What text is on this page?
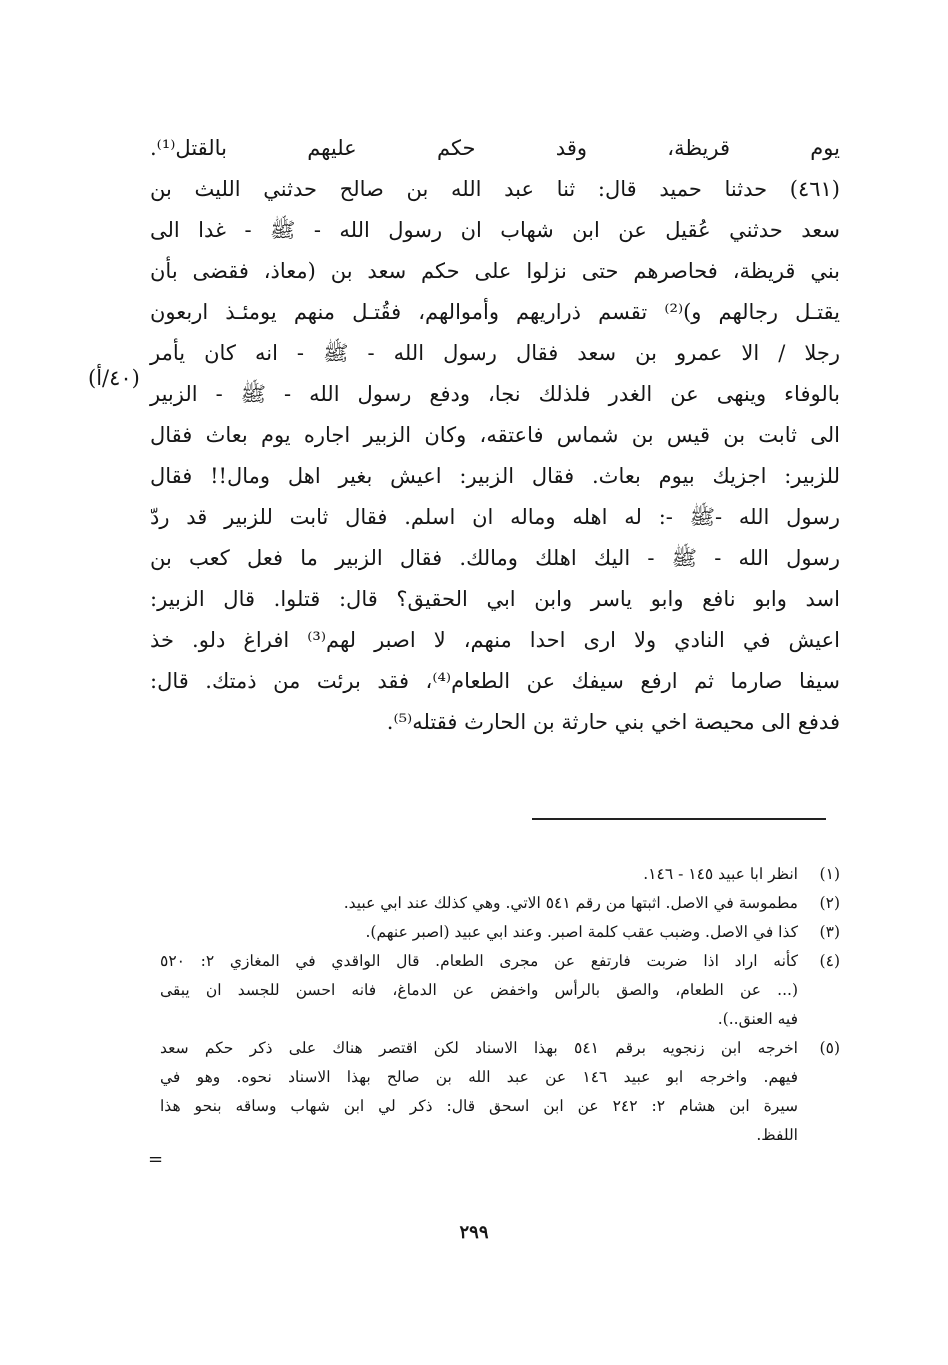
يوم قريظة، وقد حكم عليهم بالقتل⁽¹⁾.
(٤٦١) حدثنا حميد قال: ثنا عبد الله بن صالح حدثني الليث بن
سعد حدثني عُقيل عن ابن شهاب ان رسول الله - ﷺ - غدا الى
بني قريظة، فحاصرهم حتى نزلوا على حكم سعد بن (معاذ، فقضى بأن
يقتـل رجالهم و)⁽²⁾ تقسم ذراريهم وأموالهم، فقُتـل منهم يومئـذ اربعون
رجلا / الا عمرو بن سعد فقال رسول الله - ﷺ - انه كان يأمر
بالوفاء وينهى عن الغدر فلذلك نجا، ودفع رسول الله - ﷺ - الزبير
الى ثابت بن قيس بن شماس فاعتقه، وكان الزبير اجاره يوم بعاث فقال
للزبير: اجزيك بيوم بعاث. فقال الزبير: اعيش بغير اهل ومال!! فقال
رسول الله -ﷺ -: له اهله وماله ان اسلم. فقال ثابت للزبير قد ردّ
رسول الله - ﷺ - اليك اهلك ومالك. فقال الزبير ما فعل كعب بن
اسد وابو نافع وابو ياسر وابن ابي الحقيق؟ قال: قتلوا. قال الزبير:
اعيش في النادي ولا ارى احدا منهم، لا اصبر لهم⁽³⁾ افراغ دلو. خذ
سيفا صارما ثم ارفع سيفك عن الطعام⁽⁴⁾، فقد برئت من ذمتك. قال:
فدفع الى محيصة اخي بني حارثة بن الحارث فقتله⁽⁵⁾.
(٤٠/أ)
(١)
انظر ابا عبيد ١٤٥ - ١٤٦.
(٢)
مطموسة في الاصل. اثبتها من رقم ٥٤١ الاتي. وهي كذلك عند ابي عبيد.
(٣)
كذا في الاصل. وضبب عقب كلمة اصبر. وعند ابي عبيد (اصبر عنهم).
(٤)
كأنه اراد اذا ضربت فارتفع عن مجرى الطعام. قال الواقدي في المغازي ٢: ٥٢٠
(... عن الطعام، والصق بالرأس واخفض عن الدماغ، فانه احسن للجسد ان يبقى
فيه العنق..).
(٥)
اخرجه ابن زنجويه برقم ٥٤١ بهذا الاسناد لكن اقتصر هناك على ذكر حكم سعد
فيهم. واخرجه ابو عبيد ١٤٦ عن عبد الله بن صالح بهذا الاسناد نحوه. وهو في
سيرة ابن هشام ٢: ٢٤٢ عن ابن اسحق قال: ذكر لي ابن شهاب وساقه بنحو هذا
اللفظ.
=
٢٩٩
